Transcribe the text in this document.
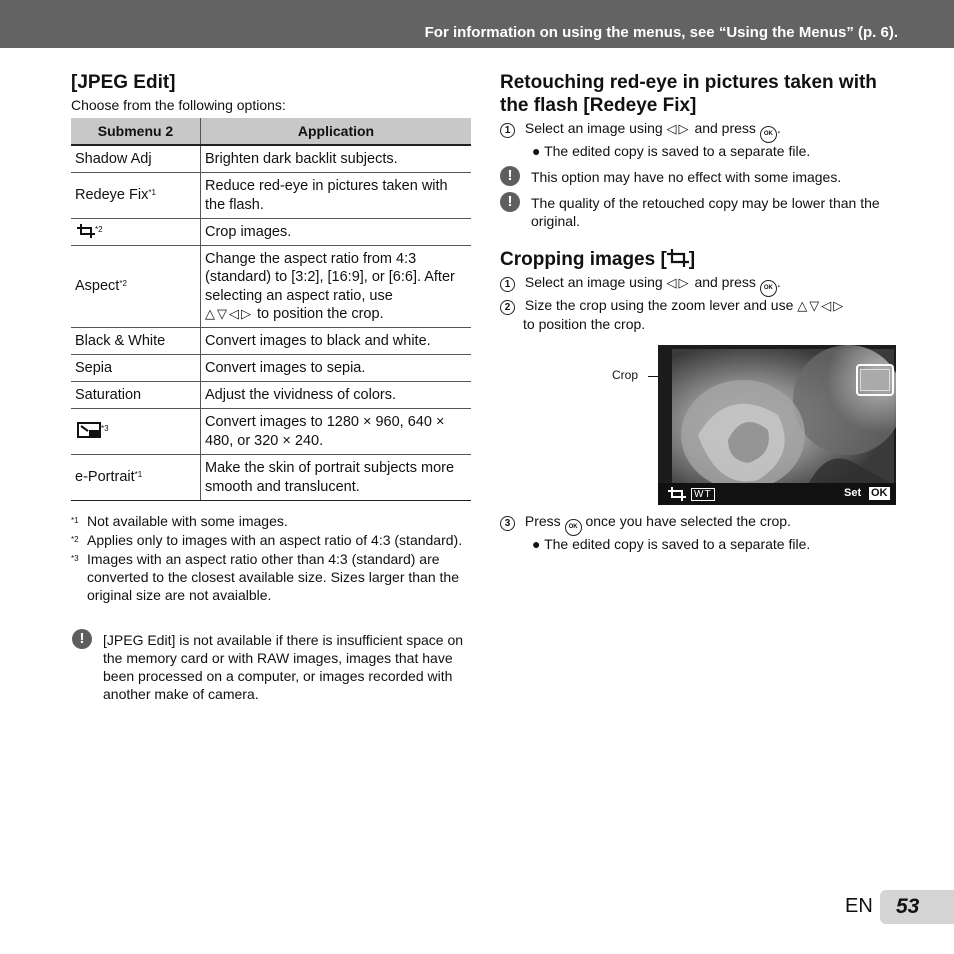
For information on using the menus, see “Using the Menus” (p. 6).
[JPEG Edit]
Choose from the following options:
Submenu 2	Application
Shadow Adj	Brighten dark backlit subjects.
Redeye Fix$^{*1}$	Reduce red-eye in pictures taken with the flash.
$^{*2}$	Crop images.
Aspect$^{*2}$	Change the aspect ratio from 4:3 (standard) to [3:2], [16:9], or [6:6]. After selecting an aspect ratio, use
△▽◁▷ to position the crop.
Black & White	Convert images to black and white.
Sepia	Convert images to sepia.
Saturation	Adjust the vividness of colors.
$^{*3}$	Convert images to 1280 × 960, 640 × 480, or 320 × 240.
e-Portrait$^{*1}$	Make the skin of portrait subjects more smooth and translucent.
*1 Not available with some images.
*2 Applies only to images with an aspect ratio of 4:3 (standard).
*3 Images with an aspect ratio other than 4:3 (standard) are converted to the closest available size. Sizes larger than the original size are not avaialble.
!	[JPEG Edit] is not available if there is insufficient space on the memory card or with RAW images, images that have been processed on a computer, or images recorded with another make of camera.
Retouching red-eye in pictures taken with the flash [Redeye Fix]
1 Select an image using ◁▷ and press OK .
● The edited copy is saved to a separate file.
!	This option may have no effect with some images.
!	The quality of the retouched copy may be lower than the original.
Cropping images [ ]
1 Select an image using ◁▷ and press OK .
2 Size the crop using the zoom lever and use △▽◁▷
to position the crop.
Crop
WT	Set OK
3 Press OK once you have selected the crop.
● The edited copy is saved to a separate file.
EN 53
